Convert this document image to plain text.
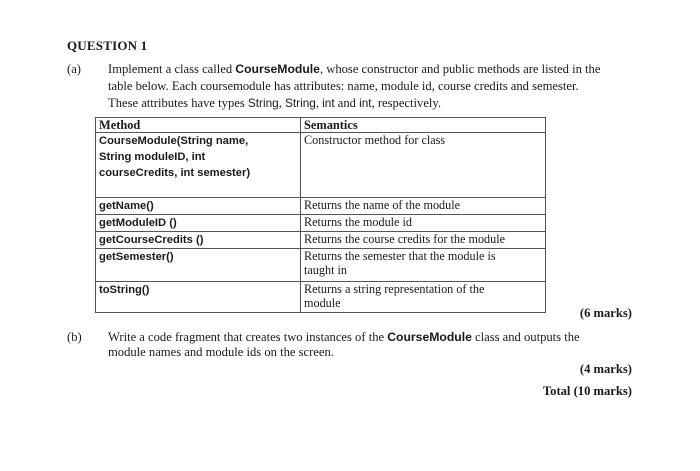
QUESTION 1
(a) Implement a class called CourseModule, whose constructor and public methods are listed in the
table below. Each coursemodule has attributes: name, module id, course credits and semester.
These attributes have types String, String, int and int, respectively.
Method	Semantics

CourseModule(String name,
String moduleID, int
courseCredits, int semester)	Constructor method for class

getName()	Returns the name of the module

getModuleID ()	Returns the module id

getCourseCredits ()	Returns the course credits for the module

getSemester()	Returns the semester that the module is
taught in

toString()	Returns a string representation of the
module
(6 marks)
(b) Write a code fragment that creates two instances of the CourseModule class and outputs the
module names and module ids on the screen.
(4 marks)
Total (10 marks)
